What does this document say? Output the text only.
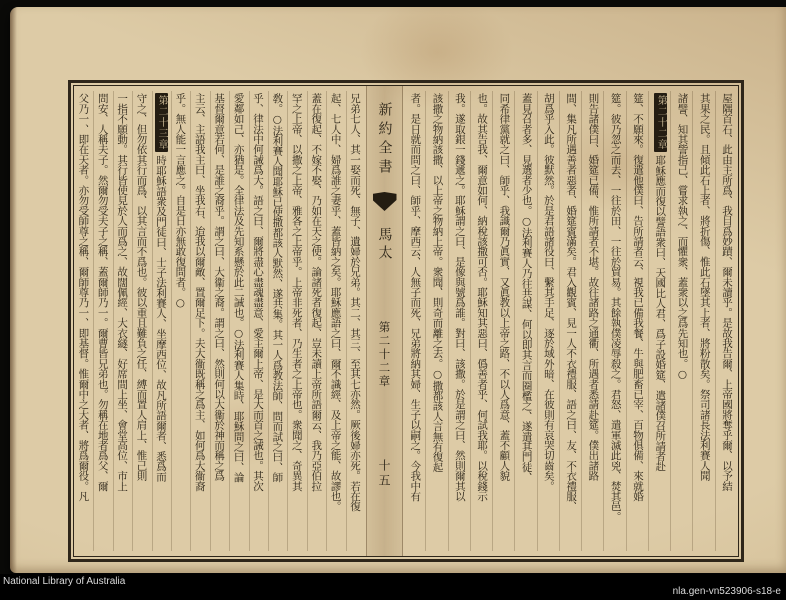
兄弟七人、其一娶而死、無子、遺婦於兄弟。其二、其三、至其七亦然。厥後婦亦死。若在復
起、七人中、婦爲誰之妻乎、蓋皆納之矣。耶穌應語之曰、爾不識經、及上帝之能、故謬也。
蓋在復起、不嫁不娶、乃如在天之使。論諸死者復起、豈未讀上帝所語爾云、我乃亞伯拉
罕之上帝、以撒之上帝、雅各之上帝乎。上帝非死者、乃生者之上帝也。衆聞之、奇異其
敎。○法利賽人聞耶穌已使撒都該人默然、遂共集。其一人爲教法師、問而試之曰、師
乎、律法中何誡爲大。語之曰、爾將盡心盡魂盡意、愛主爾上帝、是大而首之誡也。其次
愛鄰如己、亦猶是。全律法及先知系懸於此二誡也。○法利賽人集時、耶穌問之曰、論
基督爾意若何、是誰之裔乎。謂之曰、大衞之裔。謂之曰、然則何以大衞於神而稱之爲
主云、主語我主曰、坐我右、迨我以爾敵、置爾足下。夫大衞既稱之爲主、如何爲大衞裔
乎。無人能一言應之。自是日亦無敢復問者。○
第二十三章時耶穌語衆及門徒曰、士子法利賽人、坐摩西位、故凡所語爾者、悉爲而
守之、但勿依其行而爲、以其言而不爲也。彼以重且難負之任、縛而置人肩上、惟己則
一指不願動。其行皆使見於人而爲之、故闊佩經、大衣繸、好席間上坐、會堂高位、市上
問安、人稱夫子。然爾勿受夫子之稱、蓋爾師乃一。爾曹皆兄弟也。勿稱在地者爲父、爾
父乃一、即在天者。亦勿受師尊之稱、爾師尊乃一、即基督。惟爾中之大者、將爲爾役。凡	新約全書
馬太
第二十二章
十五	屋隅首石、此由主所爲、我目爲妙蹟、爾未讀乎。是故我告爾、上帝國將奪乎爾、以予結
其果之民。且傾此石上者、將折傷、惟此石墜其上者、將粉散矣。祭司諸長法利賽人聞
諸譬、知其訾指己、嘗求執之、而懼衆、蓋衆以之爲先知也。○
第二十二章耶穌應而復以譬語衆曰、天國比人君、爲子設婚筵、遣諸僕召所請者赴
筵、不願來。復遣他僕曰、告所請者云、視我已備我餐、牛與肥畜已宰、百物俱備、來就婚
筵。彼乃忽之而去、一往於田、一往於貿易。其餘執僕凌辱殺之。君怒、遣軍滅此兇、焚其邑。
則告諸僕曰、婚筵已備、惟所請者不堪。故往諸路之通衢、所遇者悉請赴筵。僕出諸路
間、集凡所遇善者惡者、婚筵賓滿矣。君入觀賓、見一人不衣禮服、語之曰、友、不衣禮服、
胡爲乎入此。彼默然。於是君語諸役曰、繫其手足、逐於域外暗、在彼則有哀哭切齒矣。
蓋見召者多、見選者少也。○法利賽人乃往共謀、何以即其言而圈檻之、遂遣其門徒、
同希律黨就之曰、師乎、我識爾乃眞實、又眞教以上帝之路、不以人爲意、蓋不顧人貌
也。故其告我、爾意如何、納稅該撒可否。耶穌知其惡曰、僞善者乎、何試我耶。以稅錢示
我。遂取銀一錢遞之。耶穌謂之曰、是像與號爲誰。對曰、該撒。於是謂之曰、然則爾其以
該撒之物納該撒、以上帝之物納上帝。衆聞、則奇而離之去。○撒都該人言無有復起
者。是日就而問之曰、師乎、摩西云、人無子而死、兄弟將納其婦、生子以嗣之。今我中有
National Library of Australia
nla.gen-vn523906-s18-e
